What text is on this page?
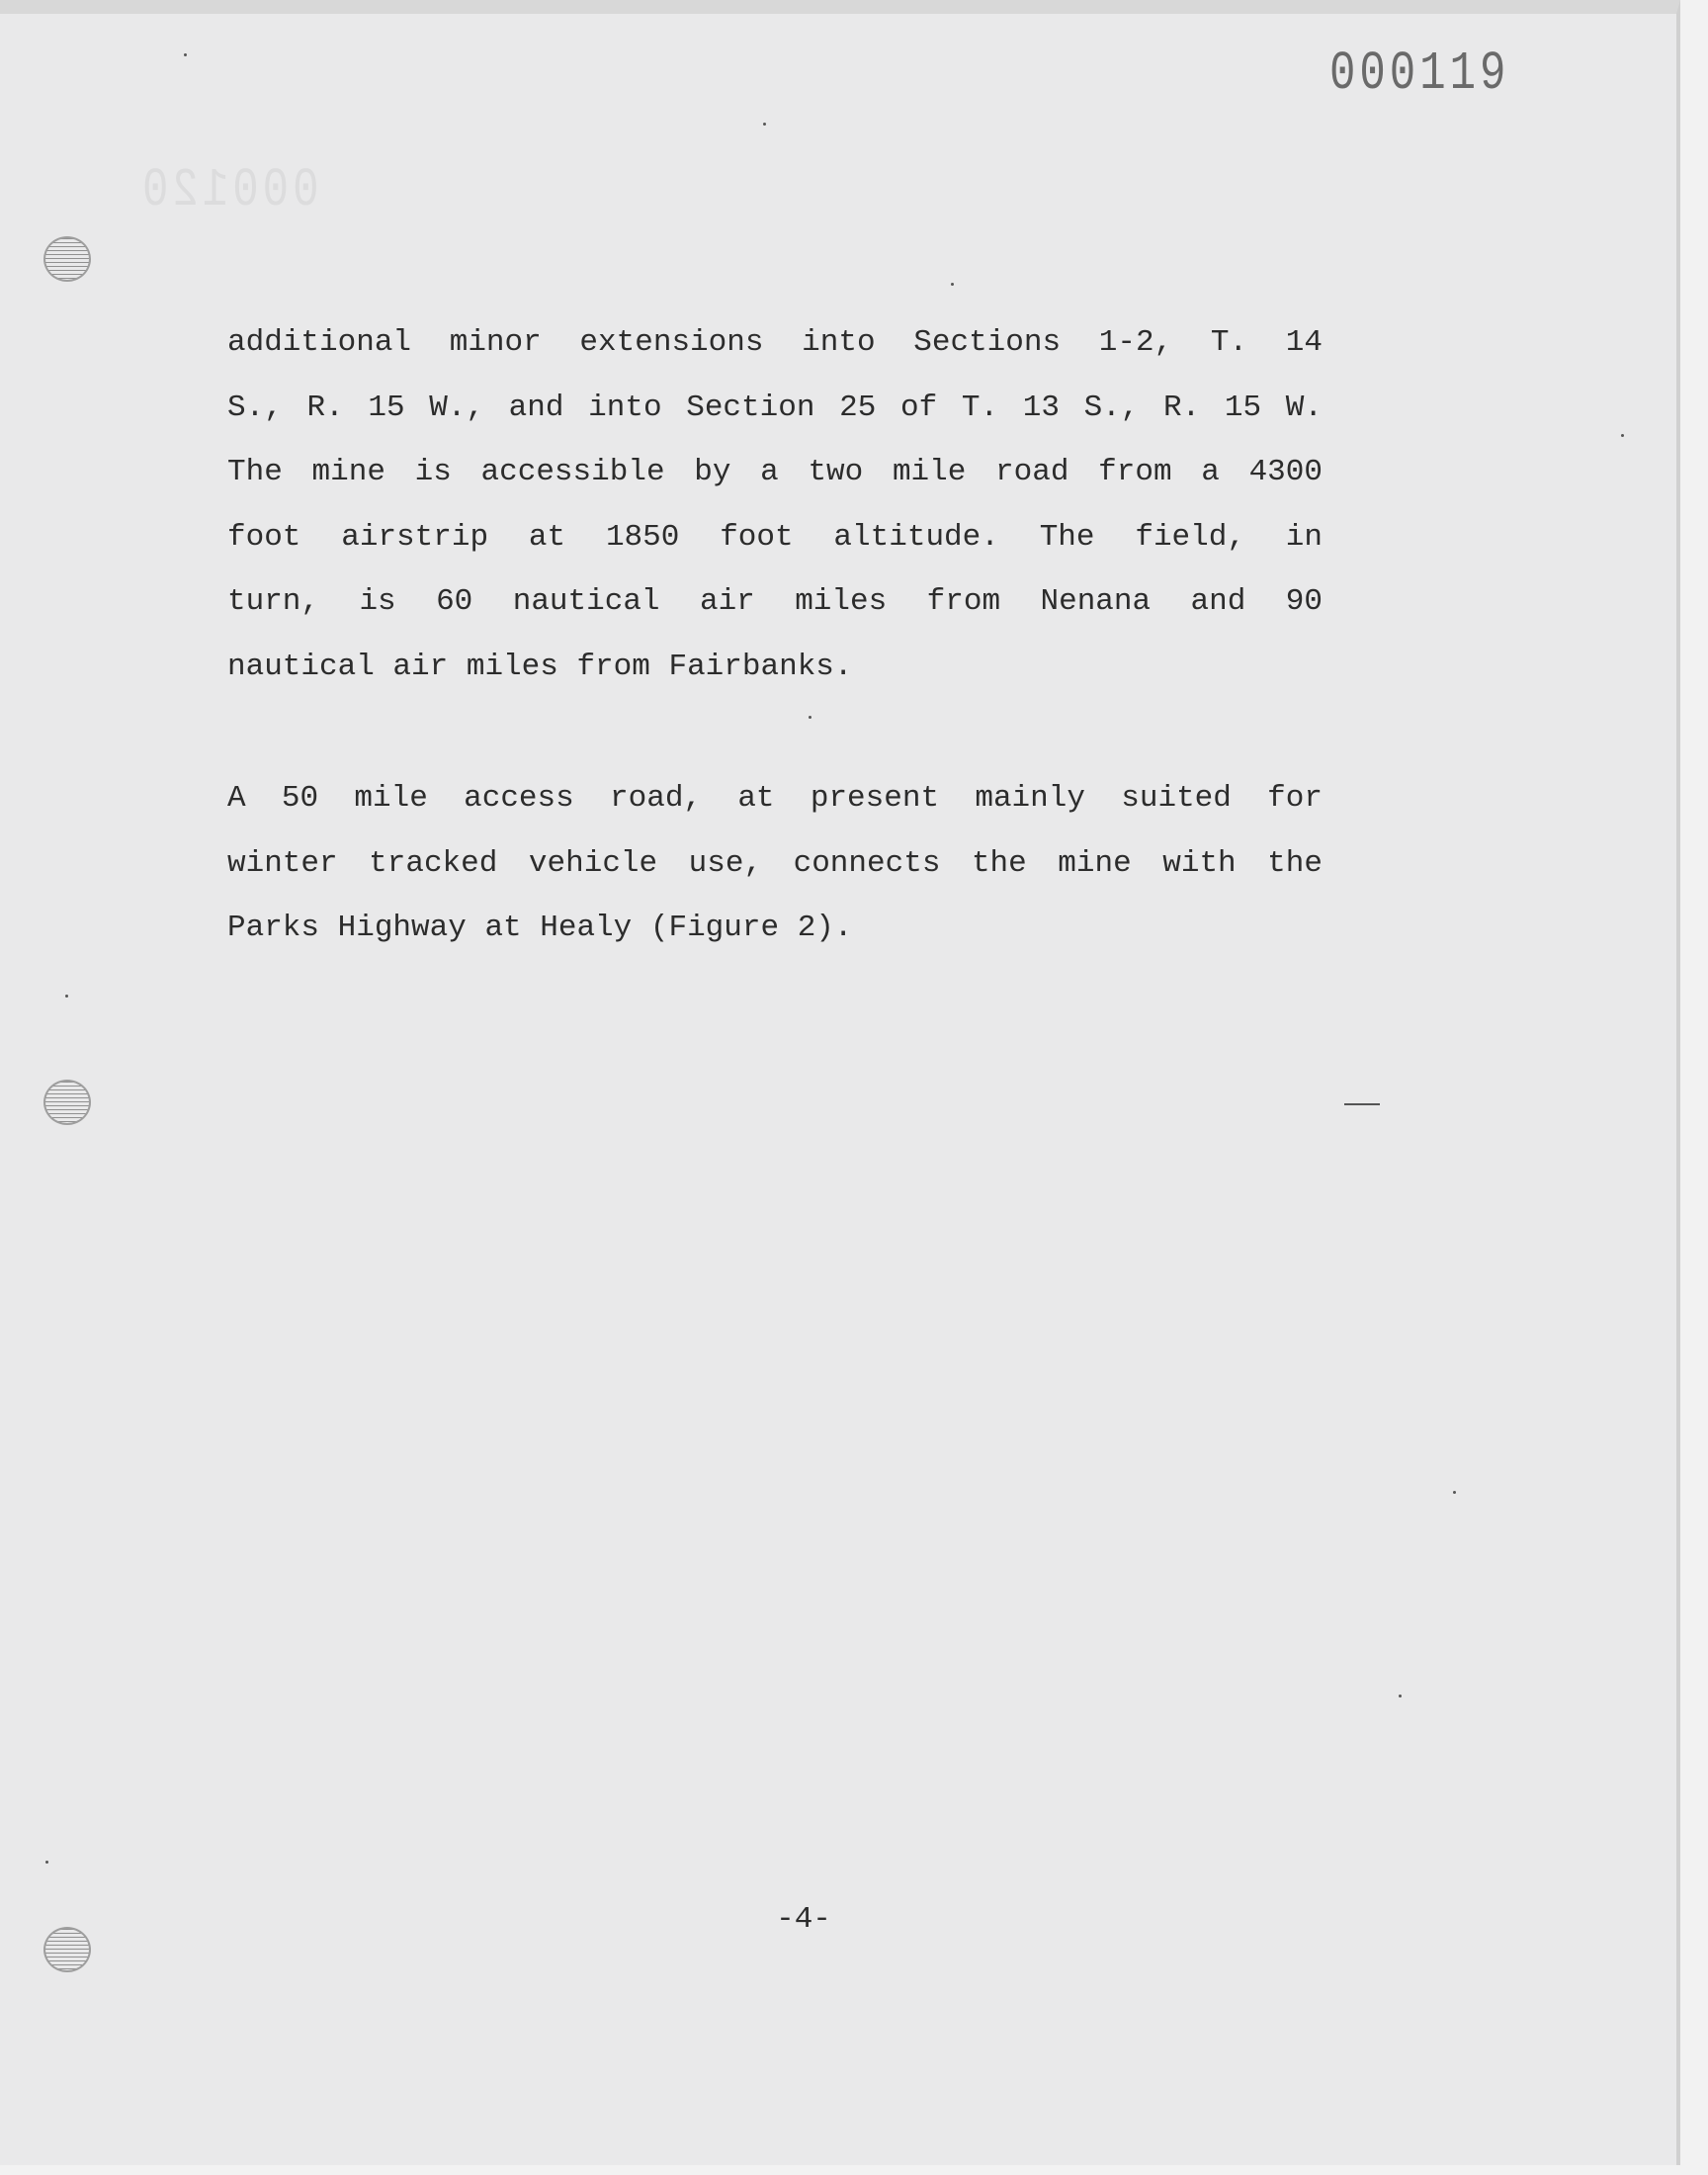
000120
000119
additional minor extensions into Sections 1-2, T. 14
S., R. 15 W., and into Section 25 of T. 13 S., R. 15 W.
The mine is accessible by a two mile road from a 4300
foot airstrip at 1850 foot altitude. The field, in
turn, is 60 nautical air miles from Nenana and 90
nautical air miles from Fairbanks.
A 50 mile access road, at present mainly suited for
winter tracked vehicle use, connects the mine with the
Parks Highway at Healy (Figure 2).
-4-
